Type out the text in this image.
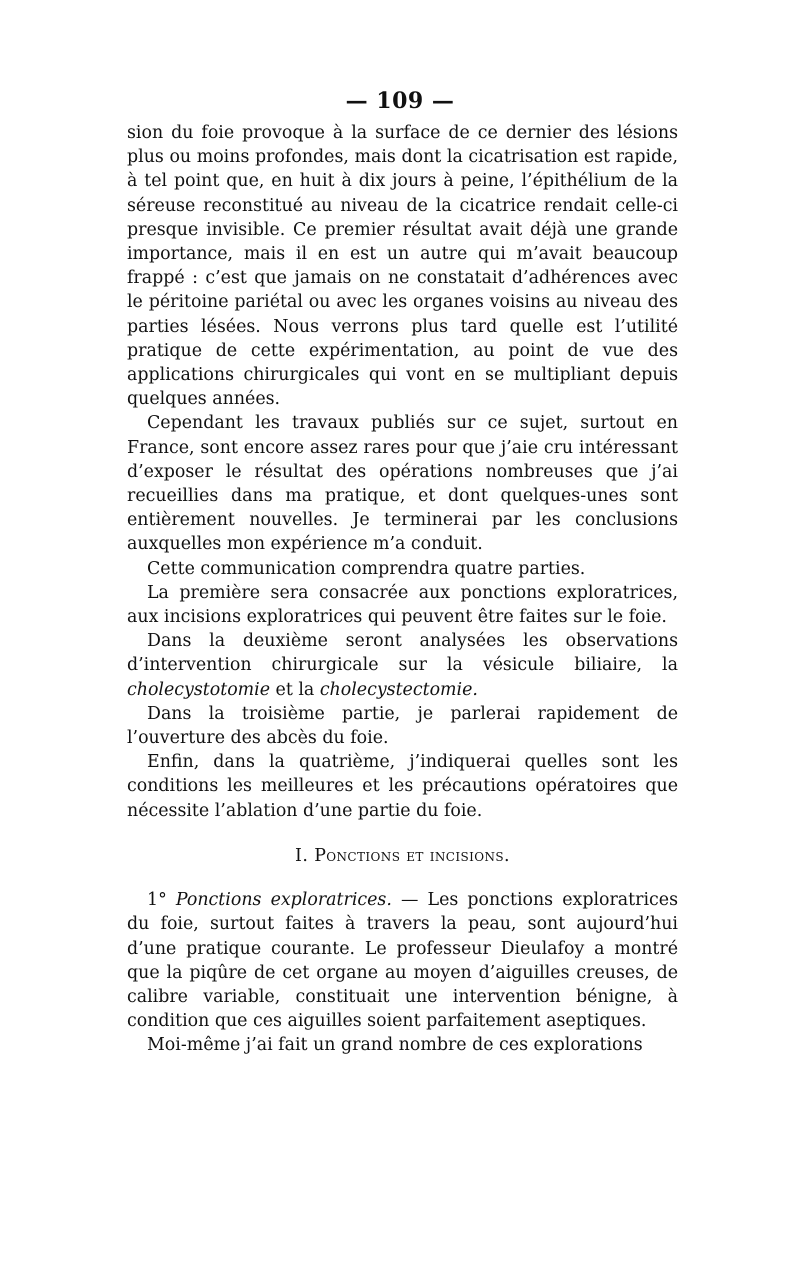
— 109 —

sion du foie provoque à la surface de ce dernier des lésions plus ou moins profondes, mais dont la cicatrisation est rapide, à tel point que, en huit à dix jours à peine, l’épithélium de la séreuse reconstitué au niveau de la cicatrice rendait celle-ci presque invisible. Ce premier résultat avait déjà une grande importance, mais il en est un autre qui m’avait beaucoup frappé : c’est que jamais on ne constatait d’adhérences avec le péritoine pariétal ou avec les organes voisins au niveau des parties lésées. Nous verrons plus tard quelle est l’utilité pratique de cette expérimentation, au point de vue des applications chirurgicales qui vont en se multipliant depuis quelques années.

Cependant les travaux publiés sur ce sujet, surtout en France, sont encore assez rares pour que j’aie cru intéressant d’exposer le résultat des opérations nombreuses que j’ai recueillies dans ma pratique, et dont quelques-unes sont entièrement nouvelles. Je terminerai par les conclusions auxquelles mon expérience m’a conduit.

Cette communication comprendra quatre parties.

La première sera consacrée aux ponctions exploratrices, aux incisions exploratrices qui peuvent être faites sur le foie.

Dans la deuxième seront analysées les observations d’intervention chirurgicale sur la vésicule biliaire, la cholecystotomie et la cholecystectomie.

Dans la troisième partie, je parlerai rapidement de l’ouverture des abcès du foie.

Enfin, dans la quatrième, j’indiquerai quelles sont les conditions les meilleures et les précautions opératoires que nécessite l’ablation d’une partie du foie.

I. Ponctions et incisions.

1° Ponctions exploratrices. — Les ponctions exploratrices du foie, surtout faites à travers la peau, sont aujourd’hui d’une pratique courante. Le professeur Dieulafoy a montré que la piqûre de cet organe au moyen d’aiguilles creuses, de calibre variable, constituait une intervention bénigne, à condition que ces aiguilles soient parfaitement aseptiques.

Moi-même j’ai fait un grand nombre de ces explorations
